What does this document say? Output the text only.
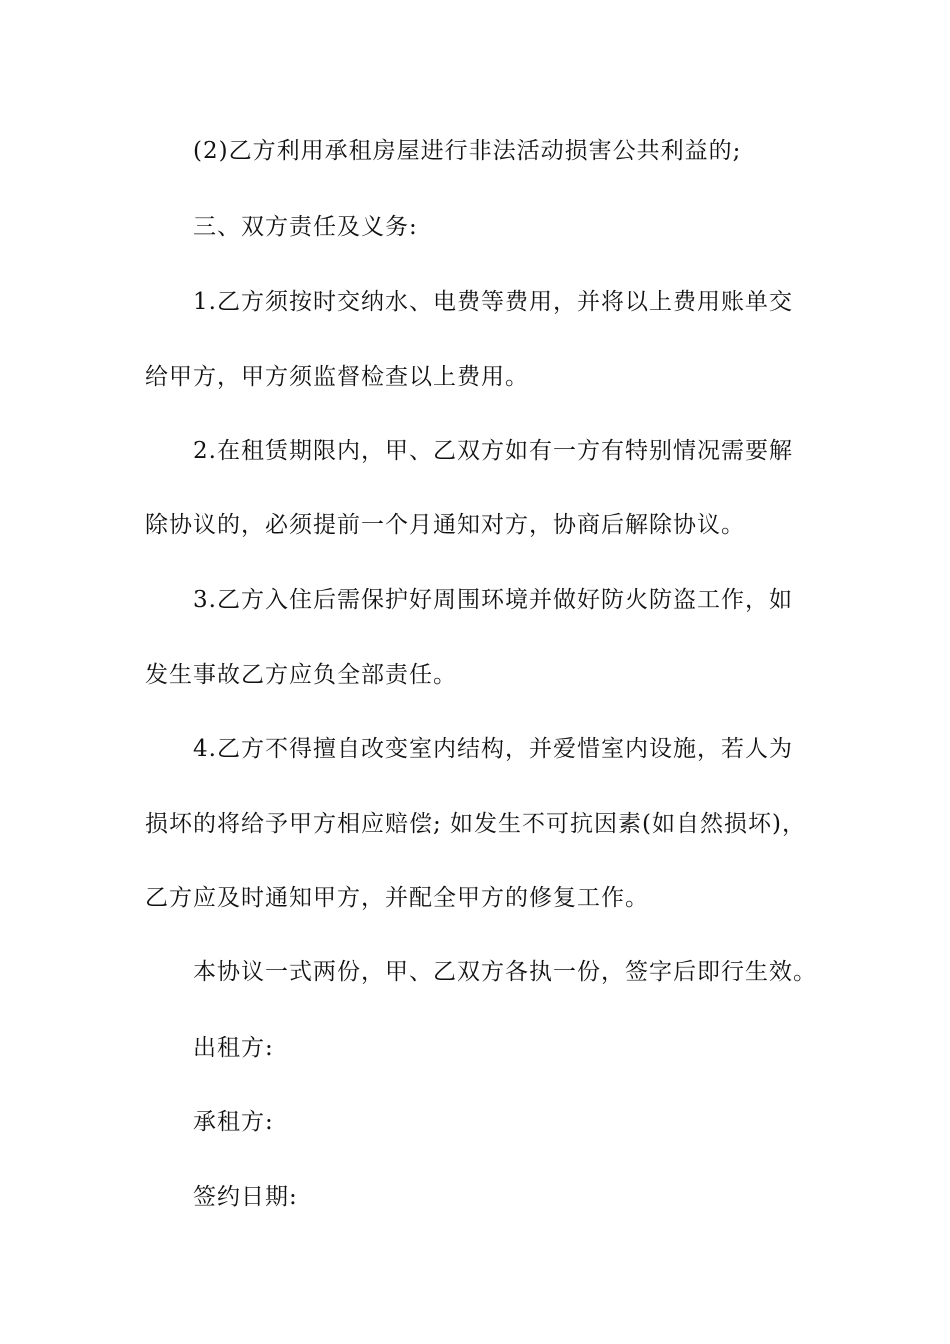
(2)乙方利用承租房屋进行非法活动损害公共利益的;
三、双方责任及义务:
1.乙方须按时交纳水、电费等费用，并将以上费用账单交
给甲方，甲方须监督检查以上费用。
2.在租赁期限内，甲、乙双方如有一方有特别情况需要解
除协议的，必须提前一个月通知对方，协商后解除协议。
3.乙方入住后需保护好周围环境并做好防火防盗工作，如
发生事故乙方应负全部责任。
4.乙方不得擅自改变室内结构，并爱惜室内设施，若人为
损坏的将给予甲方相应赔偿; 如发生不可抗因素(如自然损坏)，
乙方应及时通知甲方，并配全甲方的修复工作。
本协议一式两份，甲、乙双方各执一份，签字后即行生效。
出租方:
承租方:
签约日期:
